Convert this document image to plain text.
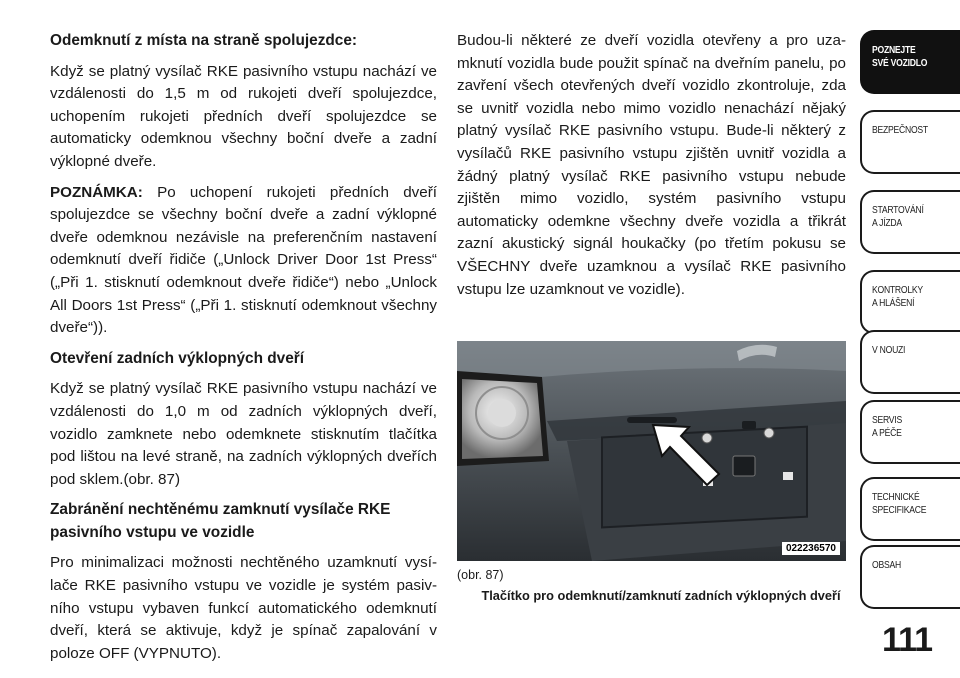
Odemknutí z místa na straně spolujezdce:

Když se platný vysílač RKE pasivního vstupu nachází ve vzdálenosti do 1,5 m od rukojeti dveří spolujezdce, uchopením rukojeti předních dveří spolujezdce se automaticky odemknou všechny boční dveře a zadní výklopné dveře.

POZNÁMKA: Po uchopení rukojeti předních dveří spolujezdce se všechny boční dveře a zadní výklopné dveře odemknou nezávisle na preferenčním nastavení odemknutí dveří řidiče („Unlock Driver Door 1st Press“ („Při 1. stisknutí odemknout dveře řidiče“) nebo „Unlock All Doors 1st Press“ („Při 1. stisknutí odemknout všechny dveře“)).

Otevření zadních výklopných dveří

Když se platný vysílač RKE pasivního vstupu nachází ve vzdálenosti do 1,0 m od zadních výklopných dveří, vozidlo zamknete nebo odemknete stisknutím tlačítka pod lištou na levé straně, na zadních výklopných dveřích pod sklem.(obr. 87)

Zabránění nechtěnému zamknutí vysílače RKE pasivního vstupu ve vozidle

Pro minimalizaci možnosti nechtěného uzamknutí vysílače RKE pasivního vstupu ve vozidle je systém pasivního vstupu vybaven funkcí automatického odemknutí dveří, která se aktivuje, když je spínač zapalování v poloze OFF (VYPNUTO).

Budou-li některé ze dveří vozidla otevřeny a pro uzamknutí vozidla bude použit spínač na dveřním panelu, po zavření všech otevřených dveří vozidlo zkontroluje, zda se uvnitř vozidla nebo mimo vozidlo nenachází nějaký platný vysílač RKE pasivního vstupu. Bude-li některý z vysílačů RKE pasivního vstupu zjištěn uvnitř vozidla a žádný platný vysílač RKE pasivního vstupu nebude zjištěn mimo vozidlo, systém pasivního vstupu automaticky odemkne všechny dveře vozidla a třikrát zazní akustický signál houkačky (po třetím pokusu se VŠECHNY dveře uzamknou a vysílač RKE pasivního vstupu lze uzamknout ve vozidle).

022236570
(obr. 87)
Tlačítko pro odemknutí/zamknutí zadních výklopných dveří
POZNEJTE
SVÉ VOZIDLO
BEZPEČNOST
STARTOVÁNÍ
A JÍZDA
KONTROLKY
A HLÁŠENÍ
V NOUZI
SERVIS
A PÉČE
TECHNICKÉ
SPECIFIKACE
OBSAH
111
